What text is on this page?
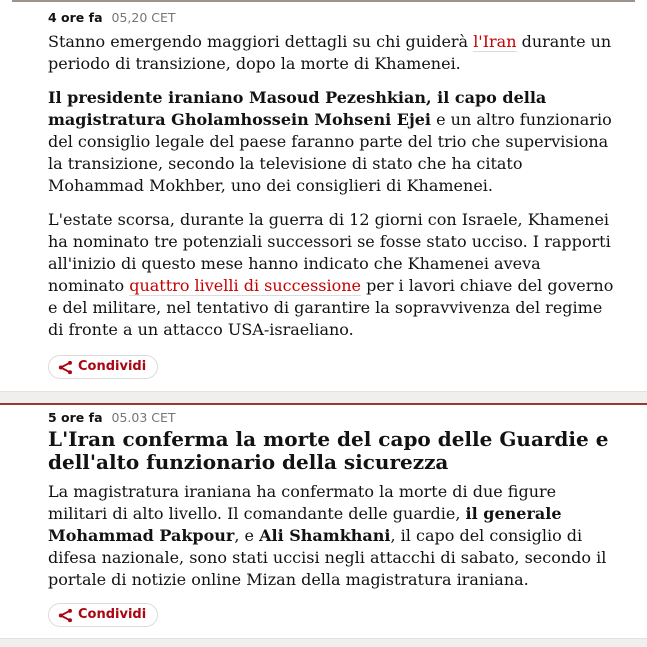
4 ore fa 05,20 CET

Stanno emergendo maggiori dettagli su chi guiderà l'Iran durante un periodo di transizione, dopo la morte di Khamenei.

Il presidente iraniano Masoud Pezeshkian, il capo della magistratura Gholamhossein Mohseni Ejei e un altro funzionario del consiglio legale del paese faranno parte del trio che supervisiona la transizione, secondo la televisione di stato che ha citato Mohammad Mokhber, uno dei consiglieri di Khamenei.

L'estate scorsa, durante la guerra di 12 giorni con Israele, Khamenei ha nominato tre potenziali successori se fosse stato ucciso. I rapporti all'inizio di questo mese hanno indicato che Khamenei aveva nominato quattro livelli di successione per i lavori chiave del governo e del militare, nel tentativo di garantire la sopravvivenza del regime di fronte a un attacco USA-israeliano.

Condividi
5 ore fa 05.03 CET
L'Iran conferma la morte del capo delle Guardie e dell'alto funzionario della sicurezza

La magistratura iraniana ha confermato la morte di due figure militari di alto livello. Il comandante delle guardie, il generale Mohammad Pakpour, e Ali Shamkhani, il capo del consiglio di difesa nazionale, sono stati uccisi negli attacchi di sabato, secondo il portale di notizie online Mizan della magistratura iraniana.

Condividi
